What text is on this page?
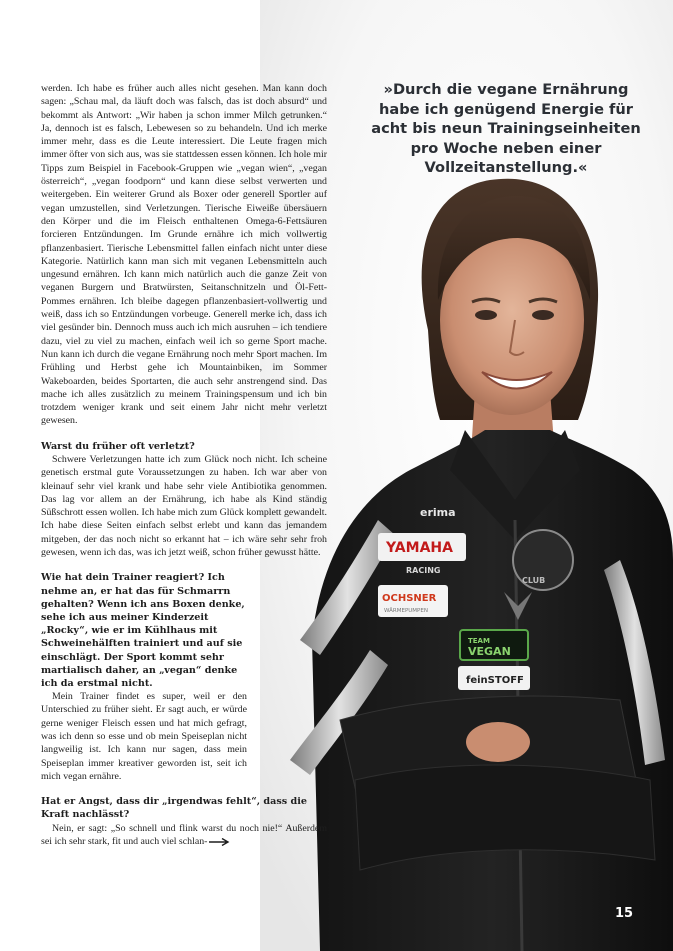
erima
YAMAHA
RACING
OCHSNER
WÄRMEPUMPEN
CLUB
TEAM
VEGAN
feinSTOFF
»Durch die vegane Ernährung habe ich genügend Energie für acht bis neun Trainingseinheiten pro Woche neben einer Vollzeitanstellung.«

werden. Ich habe es früher auch alles nicht gesehen. Man kann doch sagen: „Schau mal, da läuft doch was falsch, das ist doch absurd“ und bekommt als Antwort: „Wir haben ja schon immer Milch getrunken.“ Ja, dennoch ist es falsch, Lebewesen so zu behandeln. Und ich merke immer mehr, dass es die Leute interessiert. Die Leute fragen mich immer öfter von sich aus, was sie stattdessen essen können. Ich hole mir Tipps zum Beispiel in Facebook-Gruppen wie „vegan wien“, „vegan österreich“, „vegan foodporn“ und kann diese selbst verwerten und weitergeben. Ein weiterer Grund als Boxer oder generell Sportler auf vegan umzustellen, sind Verletzungen. Tierische Eiweiße übersäuern den Körper und die im Fleisch enthaltenen Omega-6-Fettsäuren forcieren Entzündungen. Im Grunde ernähre ich mich vollwertig pflanzenbasiert. Tierische Lebensmittel fallen einfach nicht unter diese Kategorie. Natürlich kann man sich mit veganen Lebensmitteln auch ungesund ernähren. Ich kann mich natürlich auch die ganze Zeit von veganen Burgern und Bratwürsten, Seitanschnitzeln und Öl-Fett-Pommes ernähren. Ich bleibe dagegen pflanzenbasiert-vollwertig und weiß, dass ich so Entzündungen vorbeuge. Generell merke ich, dass ich viel gesünder bin. Dennoch muss auch ich mich ausruhen – ich tendiere dazu, viel zu viel zu machen, einfach weil ich so gerne Sport mache. Nun kann ich durch die vegane Ernährung noch mehr Sport machen. Im Frühling und Herbst gehe ich Mountainbiken, im Sommer Wakeboarden, beides Sportarten, die auch sehr anstrengend sind. Das mache ich alles zusätzlich zu meinem Trainingspensum und ich bin trotzdem weniger krank und seit einem Jahr nicht mehr verletzt gewesen.

Warst du früher oft verletzt?

Schwere Verletzungen hatte ich zum Glück noch nicht. Ich scheine genetisch erstmal gute Voraussetzungen zu haben. Ich war aber von kleinauf sehr viel krank und habe sehr viele Antibiotika genommen. Das lag vor allem an der Ernährung, ich habe als Kind ständig Süßschrott essen wollen. Ich habe mich zum Glück komplett gewandelt. Ich habe diese Seiten einfach selbst erlebt und kann das jemandem mitgeben, der das noch nicht so erkannt hat – ich wäre sehr sehr froh gewesen, wenn ich das, was ich jetzt weiß, schon früher gewusst hätte.

Wie hat dein Trainer reagiert? Ich nehme an, er hat das für Schmarrn gehalten? Wenn ich ans Boxen denke, sehe ich aus meiner Kinderzeit „Rocky“, wie er im Kühlhaus mit Schweinehälften trainiert und auf sie einschlägt. Der Sport kommt sehr martialisch daher, an „vegan“ denke ich da erstmal nicht.

Mein Trainer findet es super, weil er den Unterschied zu früher sieht. Er sagt auch, er würde gerne weniger Fleisch essen und hat mich gefragt, was ich denn so esse und ob mein Speiseplan nicht langweilig ist. Ich kann nur sagen, dass mein Speiseplan immer kreativer geworden ist, seit ich mich vegan ernähre.

Hat er Angst, dass dir „irgendwas fehlt“, dass die Kraft nachlässt?

Nein, er sagt: „So schnell und flink warst du noch nie!“ Außerdem sei ich sehr stark, fit und auch viel schlan-

15
